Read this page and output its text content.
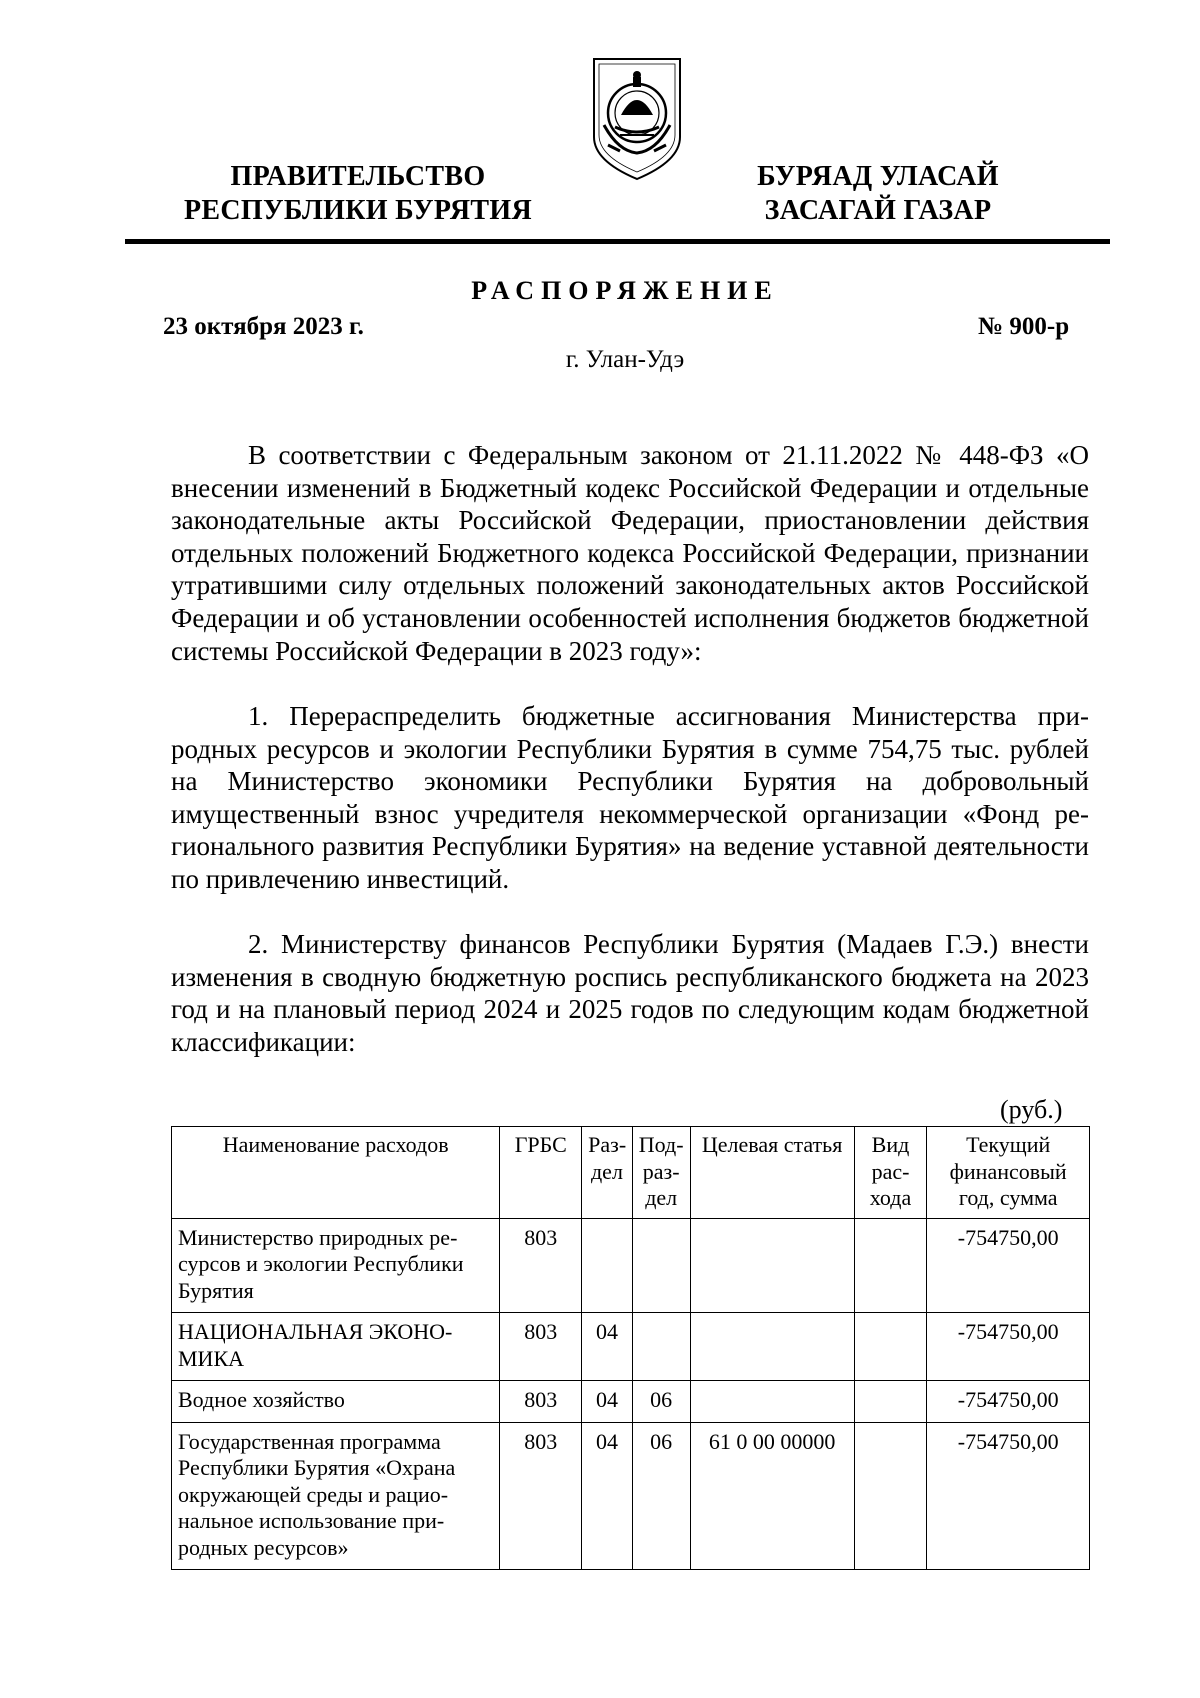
ПРАВИТЕЛЬСТВО
РЕСПУБЛИКИ БУРЯТИЯ
БУРЯАД УЛАСАЙ
ЗАСАГАЙ ГАЗАР
РАСПОРЯЖЕНИЕ
23 октября 2023 г.	№ 900-р
г. Улан-Удэ
В соответствии с Федеральным законом от 21.11.2022 № 448-ФЗ «О внесении изменений в Бюджетный кодекс Российской Федерации и отдельные законодательные акты Российской Федерации, приостановлении действия отдельных положений Бюджетного кодекса Российской Федерации, признании утратившими силу отдельных положений законодательных актов Российской Федерации и об установлении особенностей исполнения бюджетов бюджетной системы Российской Федерации в 2023 году»:
1. Перераспределить бюджетные ассигнования Министерства природных ресурсов и экологии Республики Бурятия в сумме 754,75 тыс. рублей на Министерство экономики Республики Бурятия на добровольный имущественный взнос учредителя некоммерческой организации «Фонд регионального развития Республики Бурятия» на ведение уставной деятельности по привлечению инвестиций.
2. Министерству финансов Республики Бурятия (Мадаев Г.Э.) внести изменения в сводную бюджетную роспись республиканского бюджета на 2023 год и на плановый период 2024 и 2025 годов по следующим кодам бюджетной классификации:
(руб.)
Наименование расходов	ГРБС	Раздел	Подраздел	Целевая статья	Вид расхода	Текущий финансовый год, сумма
Министерство природных ресурсов и экологии Республики Бурятия	803					-754750,00
НАЦИОНАЛЬНАЯ ЭКОНОМИКА	803	04				-754750,00
Водное хозяйство	803	04	06			-754750,00
Государственная программа Республики Бурятия «Охрана окружающей среды и рациональное использование природных ресурсов»	803	04	06	61 0 00 00000		-754750,00
